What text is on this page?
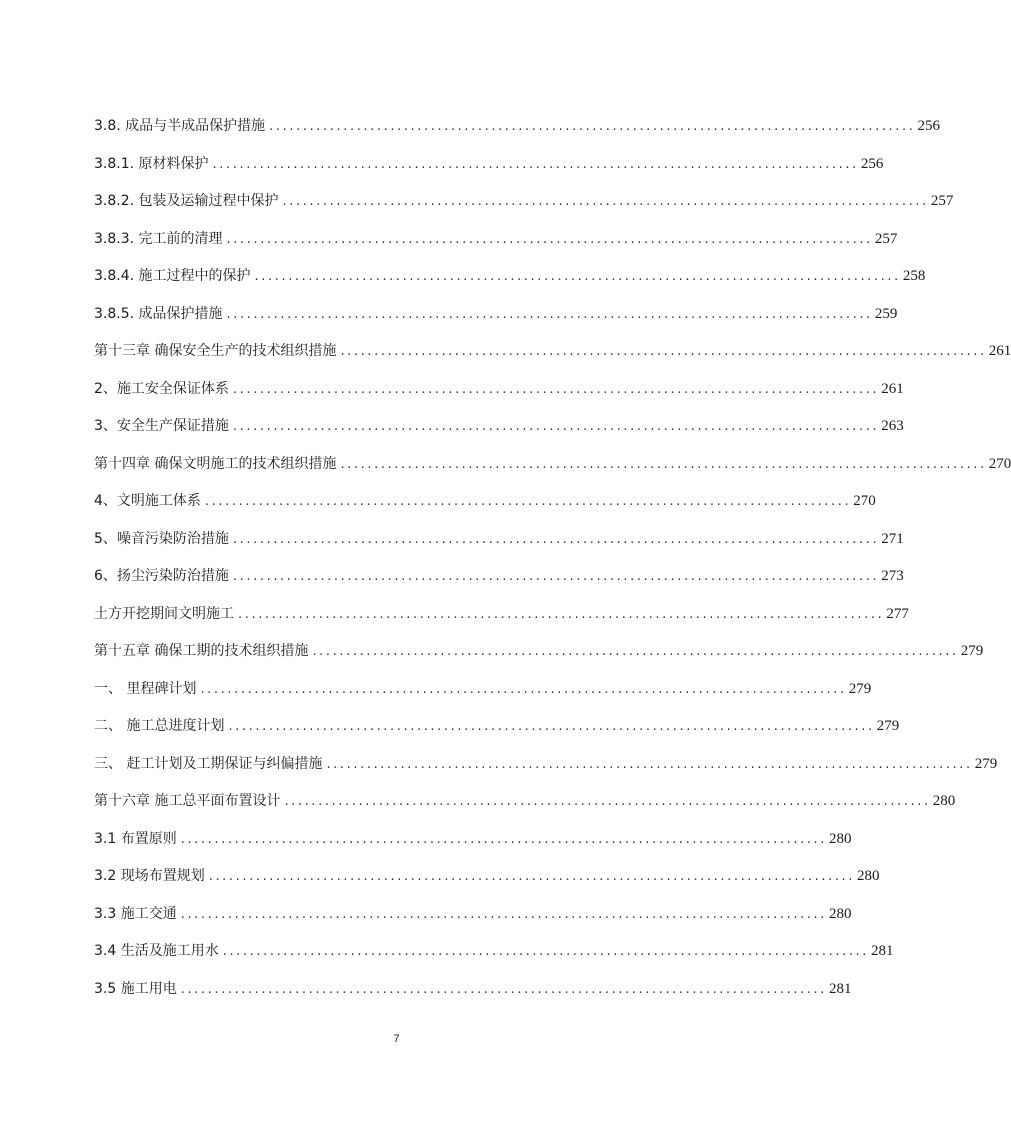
3.8. 成品与半成品保护措施 ................................................................................................ 256
3.8.1. 原材料保护 ................................................................................................ 256
3.8.2. 包装及运输过程中保护 ................................................................................................ 257
3.8.3. 完工前的清理 ................................................................................................ 257
3.8.4. 施工过程中的保护 ................................................................................................ 258
3.8.5. 成品保护措施 ................................................................................................ 259
第十三章 确保安全生产的技术组织措施 ................................................................................................ 261
2、施工安全保证体系 ................................................................................................ 261
3、安全生产保证措施 ................................................................................................ 263
第十四章 确保文明施工的技术组织措施 ................................................................................................ 270
4、文明施工体系 ................................................................................................ 270
5、噪音污染防治措施 ................................................................................................ 271
6、扬尘污染防治措施 ................................................................................................ 273
土方开挖期间文明施工 ................................................................................................ 277
第十五章 确保工期的技术组织措施 ................................................................................................ 279
一、 里程碑计划 ................................................................................................ 279
二、 施工总进度计划 ................................................................................................ 279
三、 赶工计划及工期保证与纠偏措施 ................................................................................................ 279
第十六章 施工总平面布置设计 ................................................................................................ 280
3.1 布置原则 ................................................................................................ 280
3.2 现场布置规划 ................................................................................................ 280
3.3 施工交通 ................................................................................................ 280
3.4 生活及施工用水 ................................................................................................ 281
3.5 施工用电 ................................................................................................ 281
7
